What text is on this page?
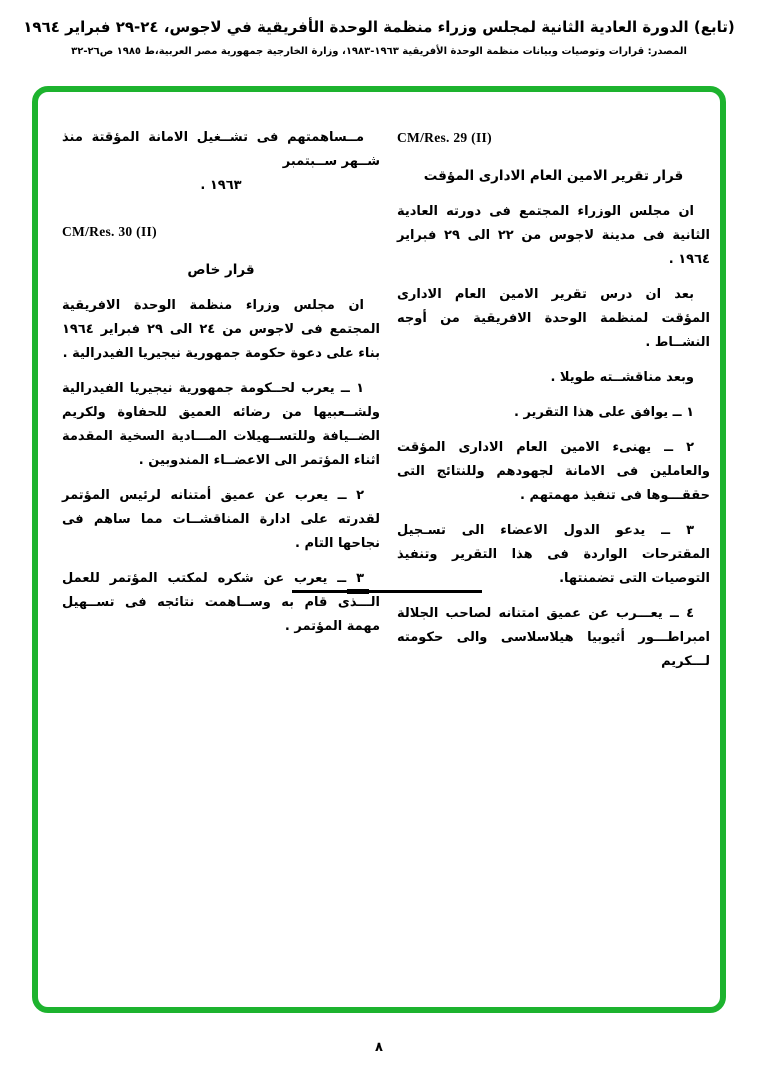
(تابع) الدورة العادية الثانية لمجلس وزراء منظمة الوحدة الأفريقية في لاجوس، ٢٤-٢٩ فبراير ١٩٦٤
المصدر: قرارات وتوصيات وبيانات منظمة الوحدة الأفريقية ١٩٦٣-١٩٨٣، وزارة الخارجية جمهورية مصر العربية،ط ١٩٨٥ ص٢٦-٣٢
CM/Res. 29 (II)
قرار تقرير الامين العام الادارى المؤقت
ان مجلس الوزراء المجتمع فى دورته العادية الثانية فى مدينة لاجوس من ٢٢ الى ٢٩ فبراير ١٩٦٤ .
بعد ان درس تقرير الامين العام الادارى المؤقت لمنظمة الوحدة الافريقية من أوجه النشــاط .
وبعد مناقشــته طويلا .
١ ــ يوافق على هذا التقرير .
٢ ــ يهنىء الامين العام الادارى المؤقت والعاملين فى الامانة لجهودهم وللنتائج التى حققـــوها فى تنفيذ مهمتهم .
٣ ــ يدعو الدول الاعضاء الى تسـجيل المقترحات الواردة فى هذا التقرير وتنفيذ التوصيات التى تضمنتها.
٤ ــ يعـــرب عن عميق امتنانه لصاحب الجلالة امبراطـــور أثيوبيا هيلاسلاسى والى حكومته لـــكريم
مــساهمتهم فى تشــغيل الامانة المؤقتة منذ شــهر ســبتمبر
١٩٦٣ .
CM/Res. 30 (II)
قرار خاص
ان مجلس وزراء منظمة الوحدة الافريقية المجتمع فى لاجوس من ٢٤ الى ٢٩ فبراير ١٩٦٤ بناء على دعوة حكومة جمهورية نيجيريا الفيدرالية .
١ ــ يعرب لحــكومة جمهورية نيجيريا الفيدرالية ولشــعبيها من رضائه العميق للحفاوة ولكريم الضــيافة وللتســهيلات المـــادية السخية المقدمة اثناء المؤتمر الى الاعضــاء المندوبين .
٢ ــ يعرب عن عميق أمتنانه لرئيس المؤتمر لقدرته على ادارة المناقشــات مما ساهم فى نجاحها التام .
٣ ــ يعرب عن شكره لمكتب المؤتمر للعمل الـــذى قام به وســاهمت نتائجه فى تســهيل مهمة المؤتمر .
٨
